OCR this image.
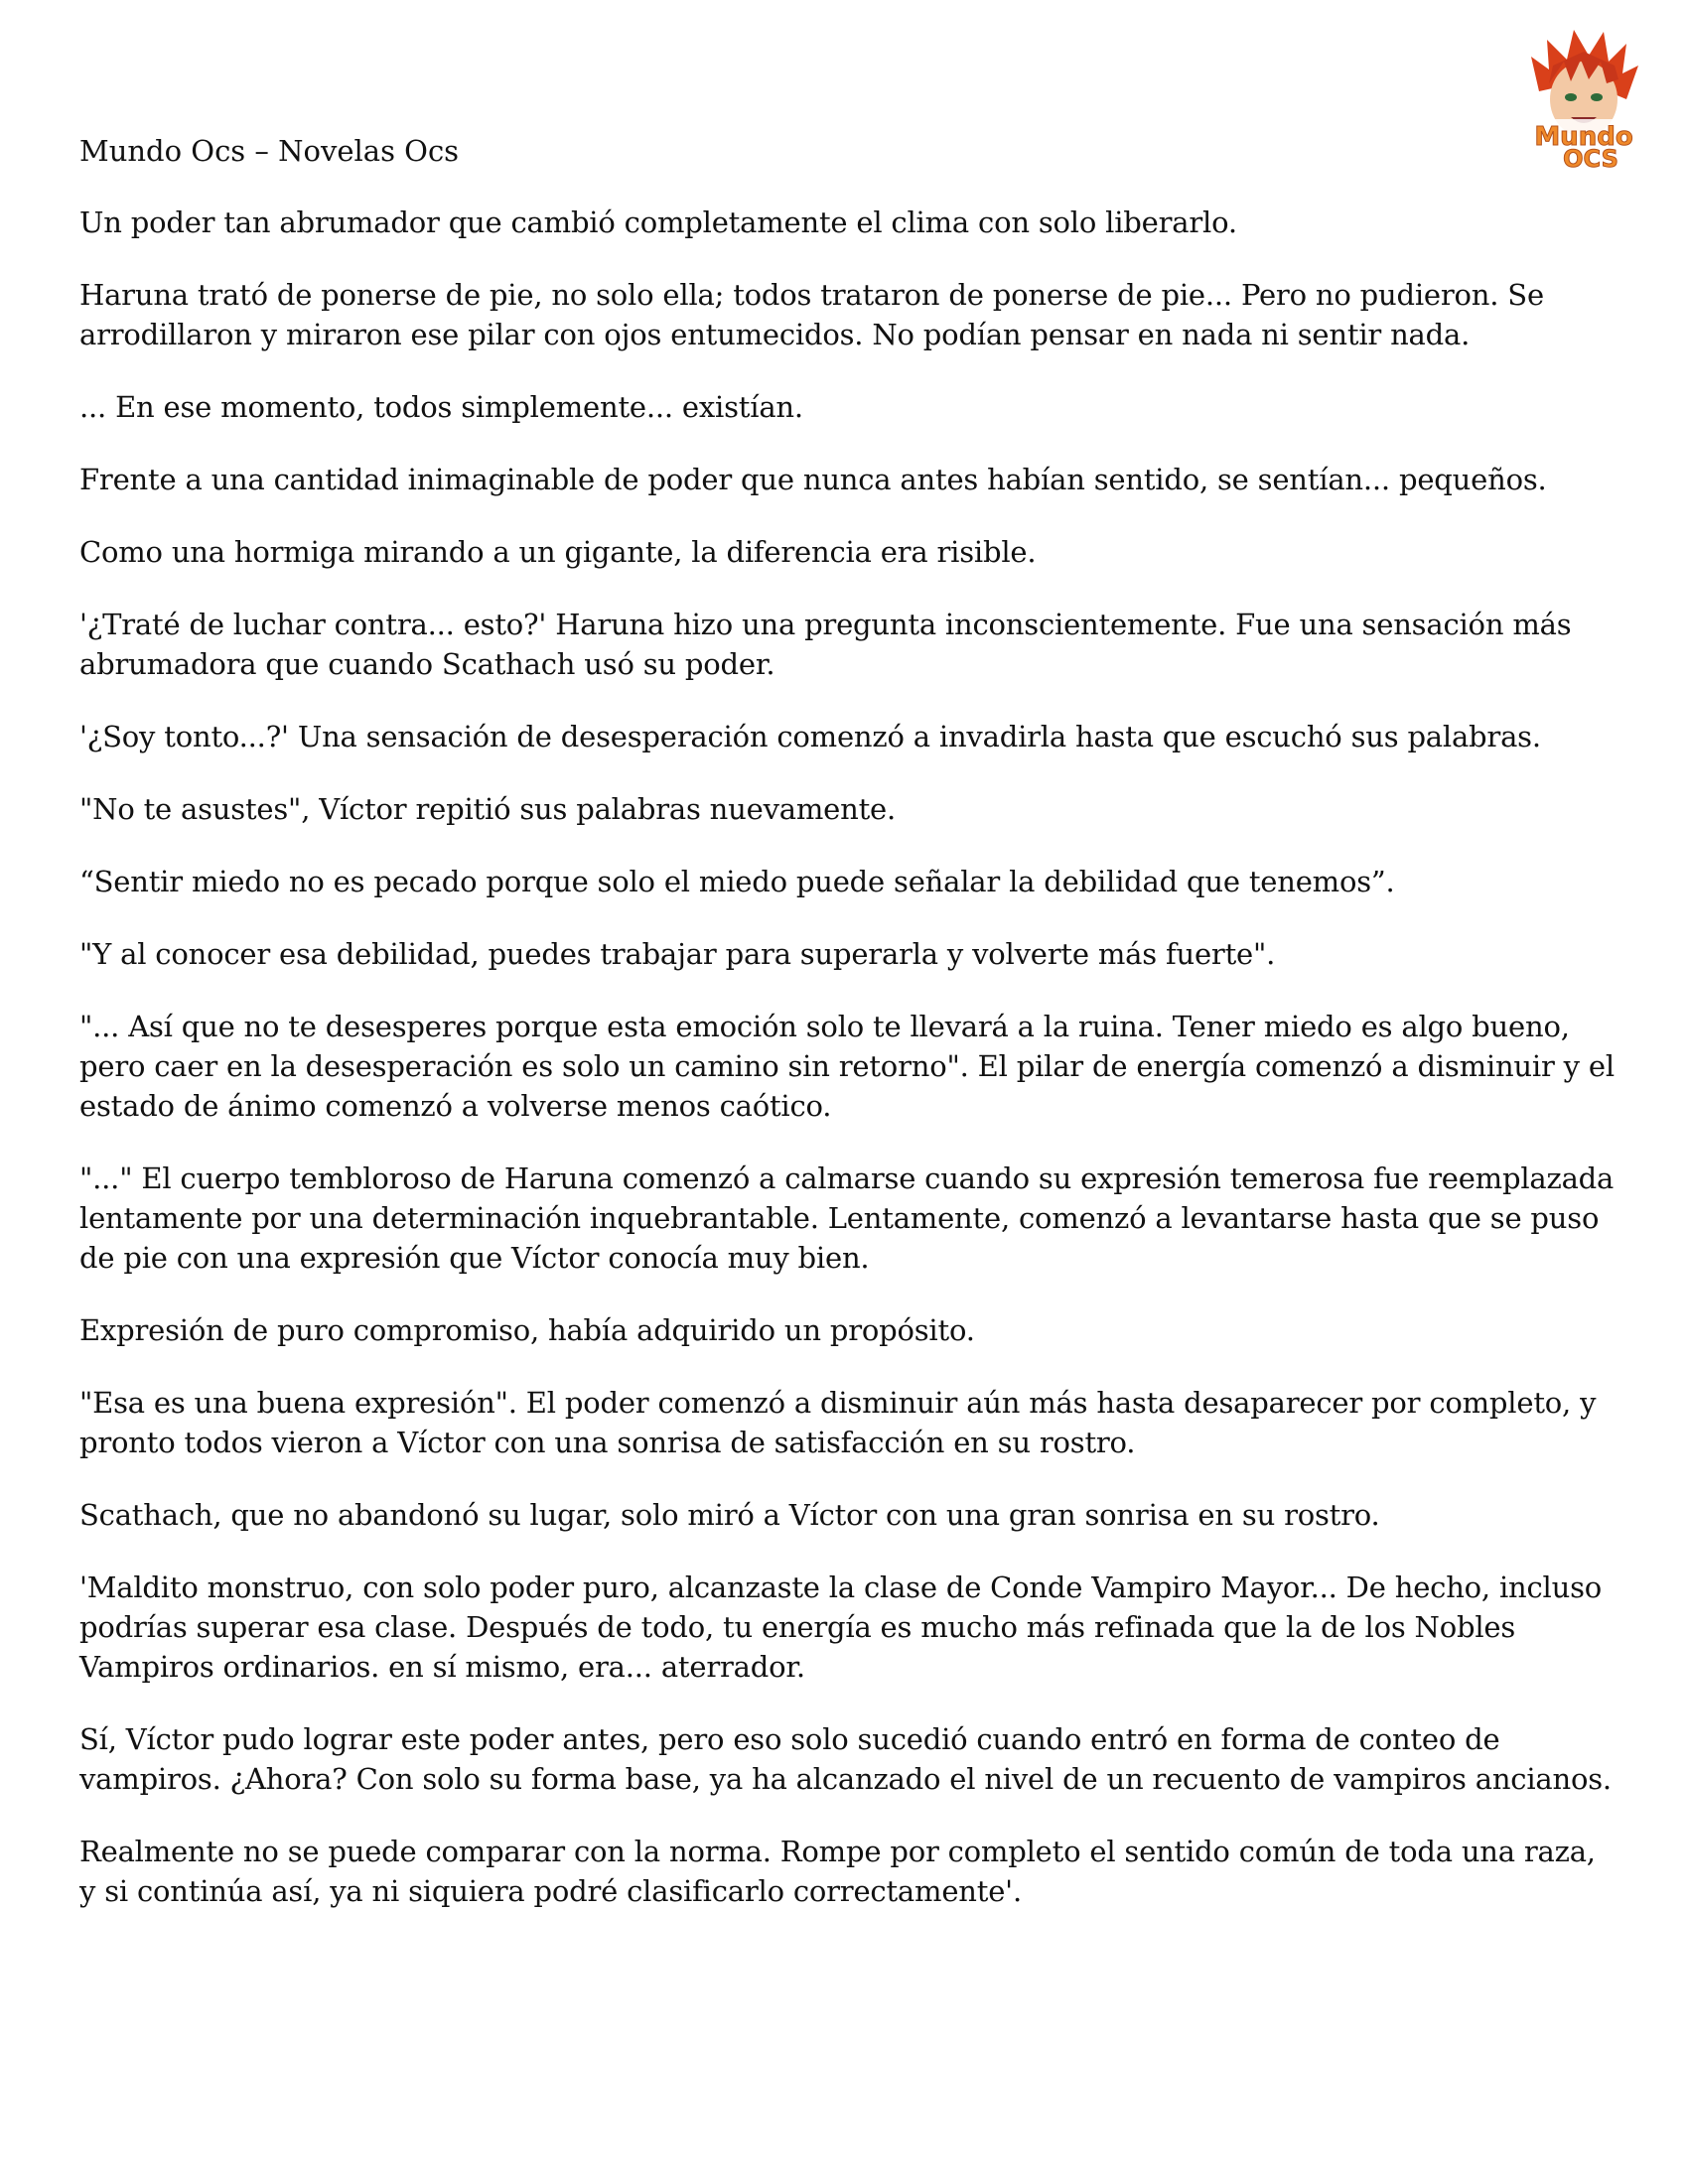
Mundo
OCS

Mundo Ocs – Novelas Ocs

Un poder tan abrumador que cambió completamente el clima con solo liberarlo.

Haruna trató de ponerse de pie, no solo ella; todos trataron de ponerse de pie... Pero no pudieron. Se arrodillaron y miraron ese pilar con ojos entumecidos. No podían pensar en nada ni sentir nada.

... En ese momento, todos simplemente... existían.

Frente a una cantidad inimaginable de poder que nunca antes habían sentido, se sentían... pequeños.

Como una hormiga mirando a un gigante, la diferencia era risible.

'¿Traté de luchar contra... esto?' Haruna hizo una pregunta inconscientemente. Fue una sensación más abrumadora que cuando Scathach usó su poder.

'¿Soy tonto...?' Una sensación de desesperación comenzó a invadirla hasta que escuchó sus palabras.

"No te asustes", Víctor repitió sus palabras nuevamente.

“Sentir miedo no es pecado porque solo el miedo puede señalar la debilidad que tenemos”.

"Y al conocer esa debilidad, puedes trabajar para superarla y volverte más fuerte".

"... Así que no te desesperes porque esta emoción solo te llevará a la ruina. Tener miedo es algo bueno, pero caer en la desesperación es solo un camino sin retorno". El pilar de energía comenzó a disminuir y el estado de ánimo comenzó a volverse menos caótico.

"..." El cuerpo tembloroso de Haruna comenzó a calmarse cuando su expresión temerosa fue reemplazada lentamente por una determinación inquebrantable. Lentamente, comenzó a levantarse hasta que se puso de pie con una expresión que Víctor conocía muy bien.

Expresión de puro compromiso, había adquirido un propósito.

"Esa es una buena expresión". El poder comenzó a disminuir aún más hasta desaparecer por completo, y pronto todos vieron a Víctor con una sonrisa de satisfacción en su rostro.

Scathach, que no abandonó su lugar, solo miró a Víctor con una gran sonrisa en su rostro.

'Maldito monstruo, con solo poder puro, alcanzaste la clase de Conde Vampiro Mayor... De hecho, incluso podrías superar esa clase. Después de todo, tu energía es mucho más refinada que la de los Nobles Vampiros ordinarios. en sí mismo, era... aterrador.

Sí, Víctor pudo lograr este poder antes, pero eso solo sucedió cuando entró en forma de conteo de vampiros. ¿Ahora? Con solo su forma base, ya ha alcanzado el nivel de un recuento de vampiros ancianos.

Realmente no se puede comparar con la norma. Rompe por completo el sentido común de toda una raza, y si continúa así, ya ni siquiera podré clasificarlo correctamente'.
